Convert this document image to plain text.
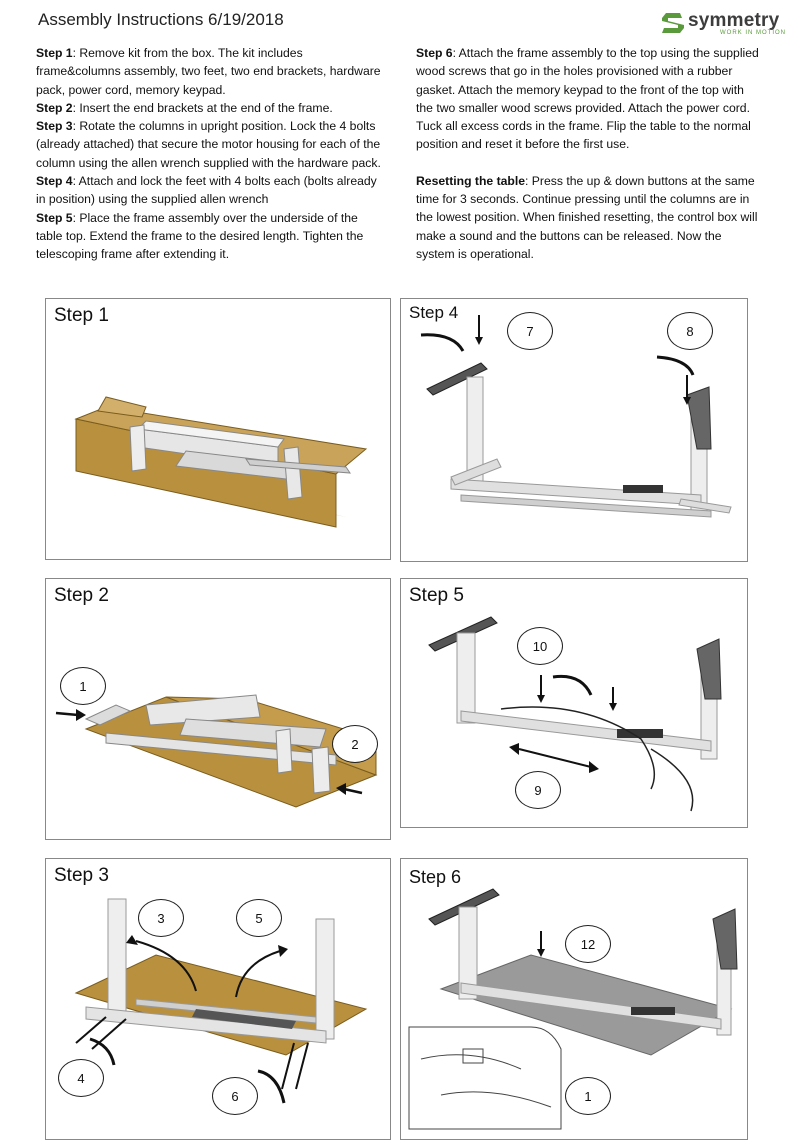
Assembly Instructions 6/19/2018	symmetry
WORK IN MOTION

Step 1: Remove kit from the box. The kit includes frame&columns assembly, two feet, two end brackets, hardware pack, power cord, memory keypad.

Step 2: Insert the end brackets at the end of the frame.

Step 3: Rotate the columns in upright position. Lock the 4 bolts (already attached) that secure the motor housing for each of the column using the allen wrench supplied with the hardware pack.

Step 4: Attach and lock the feet with 4 bolts each (bolts already in position) using the supplied allen wrench

Step 5: Place the frame assembly over the underside of the table top. Extend the frame to the desired length. Tighten the telescoping frame after extending it.

Step 6: Attach the frame assembly to the top using the supplied wood screws that go in the holes provisioned with a rubber gasket. Attach the memory keypad to the front of the top with the two smaller wood screws provided. Attach the power cord. Tuck all excess cords in the frame. Flip the table to the normal position and reset it before the first use.

Resetting the table: Press the up & down buttons at the same time for 3 seconds. Continue pressing until the columns are in the lowest position. When finished resetting, the control box will make a sound and the buttons can be released. Now the system is operational.

Step 1	Step 4
7	8
Step 2
1
2
Step 5
10
9
Step 3
3	5
4
6
Step 6
12
1
